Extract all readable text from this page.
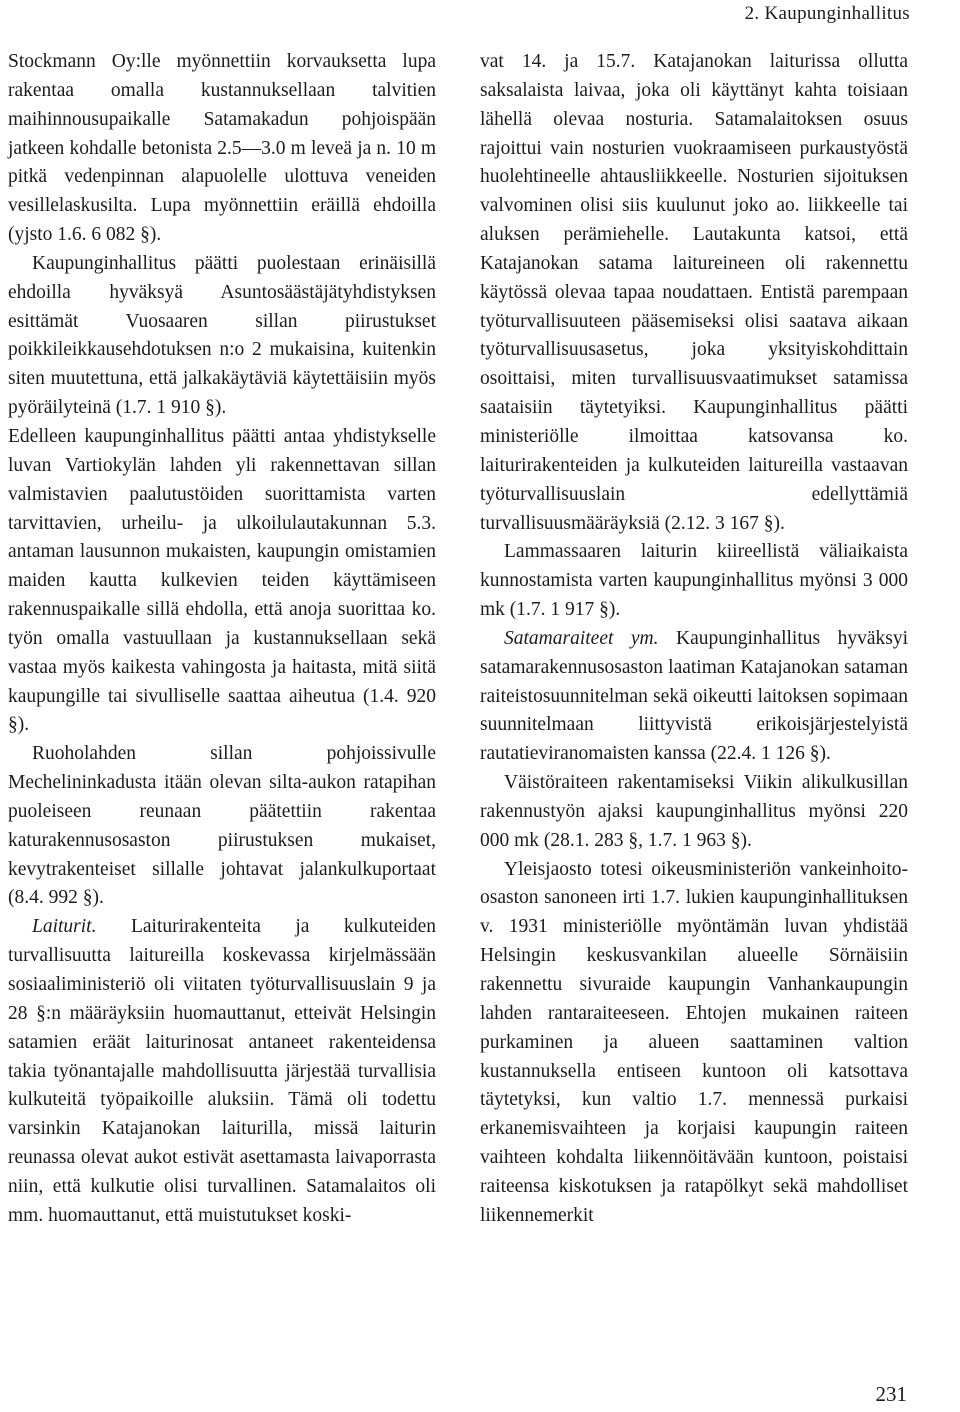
2. Kaupunginhallitus

Stockmann Oy:lle myönnettiin korvauksetta lupa rakentaa omalla kustannuksellaan talvitien maihinnousupaikalle Satamakadun pohjoispään jatkeen kohdalle betonista 2.5—3.0 m leveä ja n. 10 m pitkä vedenpinnan alapuolelle ulottuva veneiden vesillelaskusilta. Lupa myönnettiin eräillä ehdoilla (yjsto 1.6. 6 082 §).

Kaupunginhallitus päätti puolestaan erinäisillä ehdoilla hyväksyä Asuntosäästäjätyhdistyksen esittämät Vuosaaren sillan piirustukset poikkileikkausehdotuksen n:o 2 mukaisina, kuitenkin siten muutettuna, että jalkakäytäviä käytettäisiin myös pyöräilyteinä (1.7. 1 910 §).

Edelleen kaupunginhallitus päätti antaa yhdistykselle luvan Vartiokylän lahden yli rakennettavan sillan valmistavien paalutustöiden suorittamista varten tarvittavien, urheilu- ja ulkoilulautakunnan 5.3. antaman lausunnon mukaisten, kaupungin omistamien maiden kautta kulkevien teiden käyttämiseen rakennuspaikalle sillä ehdolla, että anoja suorittaa ko. työn omalla vastuullaan ja kustannuksellaan sekä vastaa myös kaikesta vahingosta ja haitasta, mitä siitä kaupungille tai sivulliselle saattaa aiheutua (1.4. 920 §).

Ruoholahden sillan pohjoissivulle Mechelininkadusta itään olevan silta-aukon ratapihan puoleiseen reunaan päätettiin rakentaa katurakennusosaston piirustuksen mukaiset, kevytrakenteiset sillalle johtavat jalankulkuportaat (8.4. 992 §).

Laiturit. Laiturirakenteita ja kulkuteiden turvallisuutta laitureilla koskevassa kirjelmässään sosiaaliministeriö oli viitaten työturvallisuuslain 9 ja 28 §:n määräyksiin huomauttanut, etteivät Helsingin satamien eräät laiturinosat antaneet rakenteidensa takia työnantajalle mahdollisuutta järjestää turvallisia kulkuteitä työpaikoille aluksiin. Tämä oli todettu varsinkin Katajanokan laiturilla, missä laiturin reunassa olevat aukot estivät asettamasta laivaporrasta niin, että kulkutie olisi turvallinen. Satamalaitos oli mm. huomauttanut, että muistutukset koski-

vat 14. ja 15.7. Katajanokan laiturissa ollutta saksalaista laivaa, joka oli käyttänyt kahta toisiaan lähellä olevaa nosturia. Satamalaitoksen osuus rajoittui vain nosturien vuokraamiseen purkaustyöstä huolehtineelle ahtausliikkeelle. Nosturien sijoituksen valvominen olisi siis kuulunut joko ao. liikkeelle tai aluksen perämiehelle. Lautakunta katsoi, että Katajanokan satama laitureineen oli rakennettu käytössä olevaa tapaa noudattaen. Entistä parempaan työturvallisuuteen pääsemiseksi olisi saatava aikaan työturvallisuusasetus, joka yksityiskohdittain osoittaisi, miten turvallisuusvaatimukset satamissa saataisiin täytetyiksi. Kaupunginhallitus päätti ministeriölle ilmoittaa katsovansa ko. laiturirakenteiden ja kulkuteiden laitureilla vastaavan työturvallisuuslain edellyttämiä turvallisuusmääräyksiä (2.12. 3 167 §).

Lammassaaren laiturin kiireellistä väliaikaista kunnostamista varten kaupunginhallitus myönsi 3 000 mk (1.7. 1 917 §).

Satamaraiteet ym. Kaupunginhallitus hyväksyi satamarakennusosaston laatiman Katajanokan sataman raiteistosuunnitelman sekä oikeutti laitoksen sopimaan suunnitelmaan liittyvistä erikoisjärjestelyistä rautatieviranomaisten kanssa (22.4. 1 126 §).

Väistöraiteen rakentamiseksi Viikin alikulkusillan rakennustyön ajaksi kaupunginhallitus myönsi 220 000 mk (28.1. 283 §, 1.7. 1 963 §).

Yleisjaosto totesi oikeusministeriön vankeinhoito-osaston sanoneen irti 1.7. lukien kaupunginhallituksen v. 1931 ministeriölle myöntämän luvan yhdistää Helsingin keskusvankilan alueelle Sörnäisiin rakennettu sivuraide kaupungin Vanhankaupungin lahden rantaraiteeseen. Ehtojen mukainen raiteen purkaminen ja alueen saattaminen valtion kustannuksella entiseen kuntoon oli katsottava täytetyksi, kun valtio 1.7. mennessä purkaisi erkanemisvaihteen ja korjaisi kaupungin raiteen vaihteen kohdalta liikennöitävään kuntoon, poistaisi raiteensa kiskotuksen ja ratapölkyt sekä mahdolliset liikennemerkit

231
